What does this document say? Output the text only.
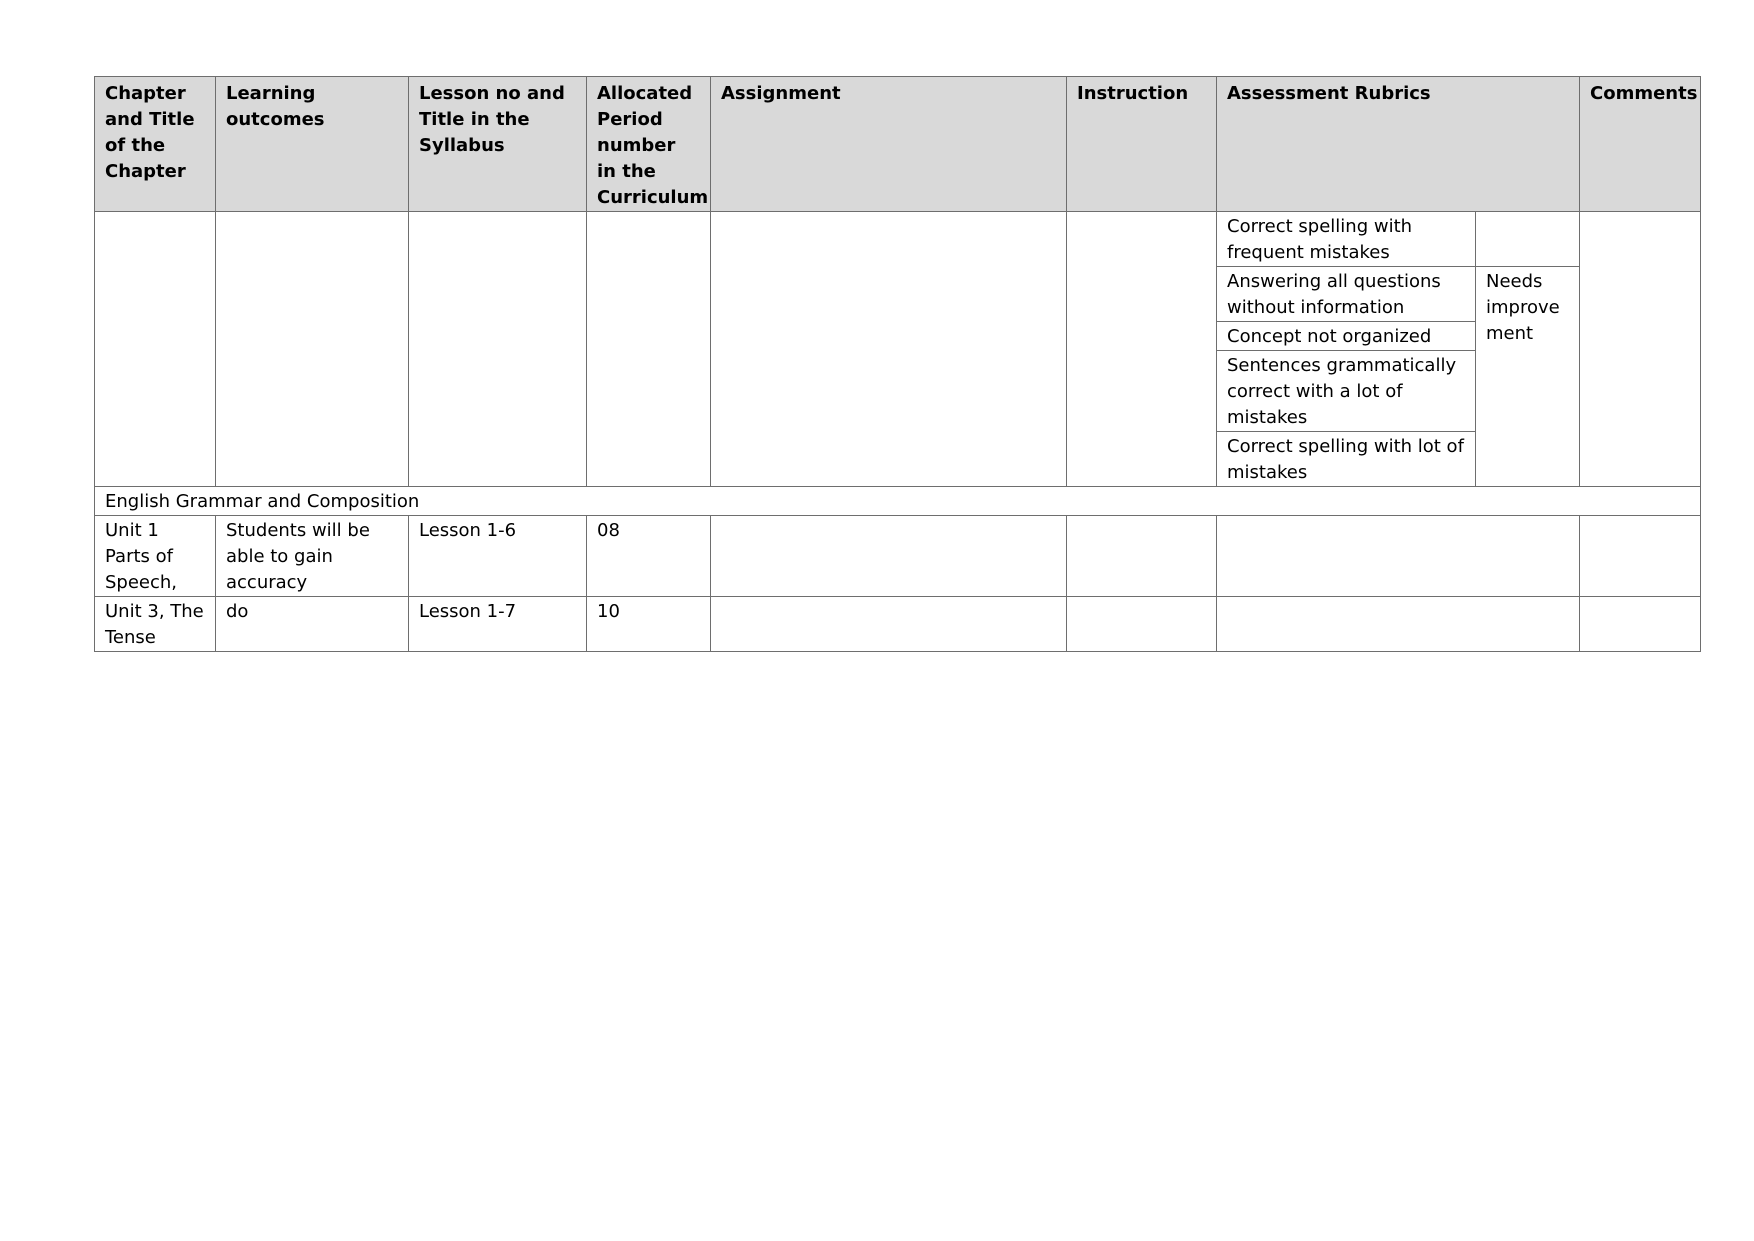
Chapter and Title of the Chapter	Learning outcomes	Lesson no and Title in the Syllabus	Allocated Period number in the Curriculum	Assignment	Instruction	Assessment Rubrics		Comments
						Correct spelling with frequent mistakes		
						Answering all questions without information	Needs improve ment	
						Concept not organized		
						Sentences grammatically correct with a lot of mistakes		
						Correct spelling with lot of mistakes		
English Grammar and Composition								
Unit 1 Parts of Speech,	Students will be able to gain accuracy	Lesson 1-6	08					
Unit 3, The Tense	do	Lesson 1-7	10					
